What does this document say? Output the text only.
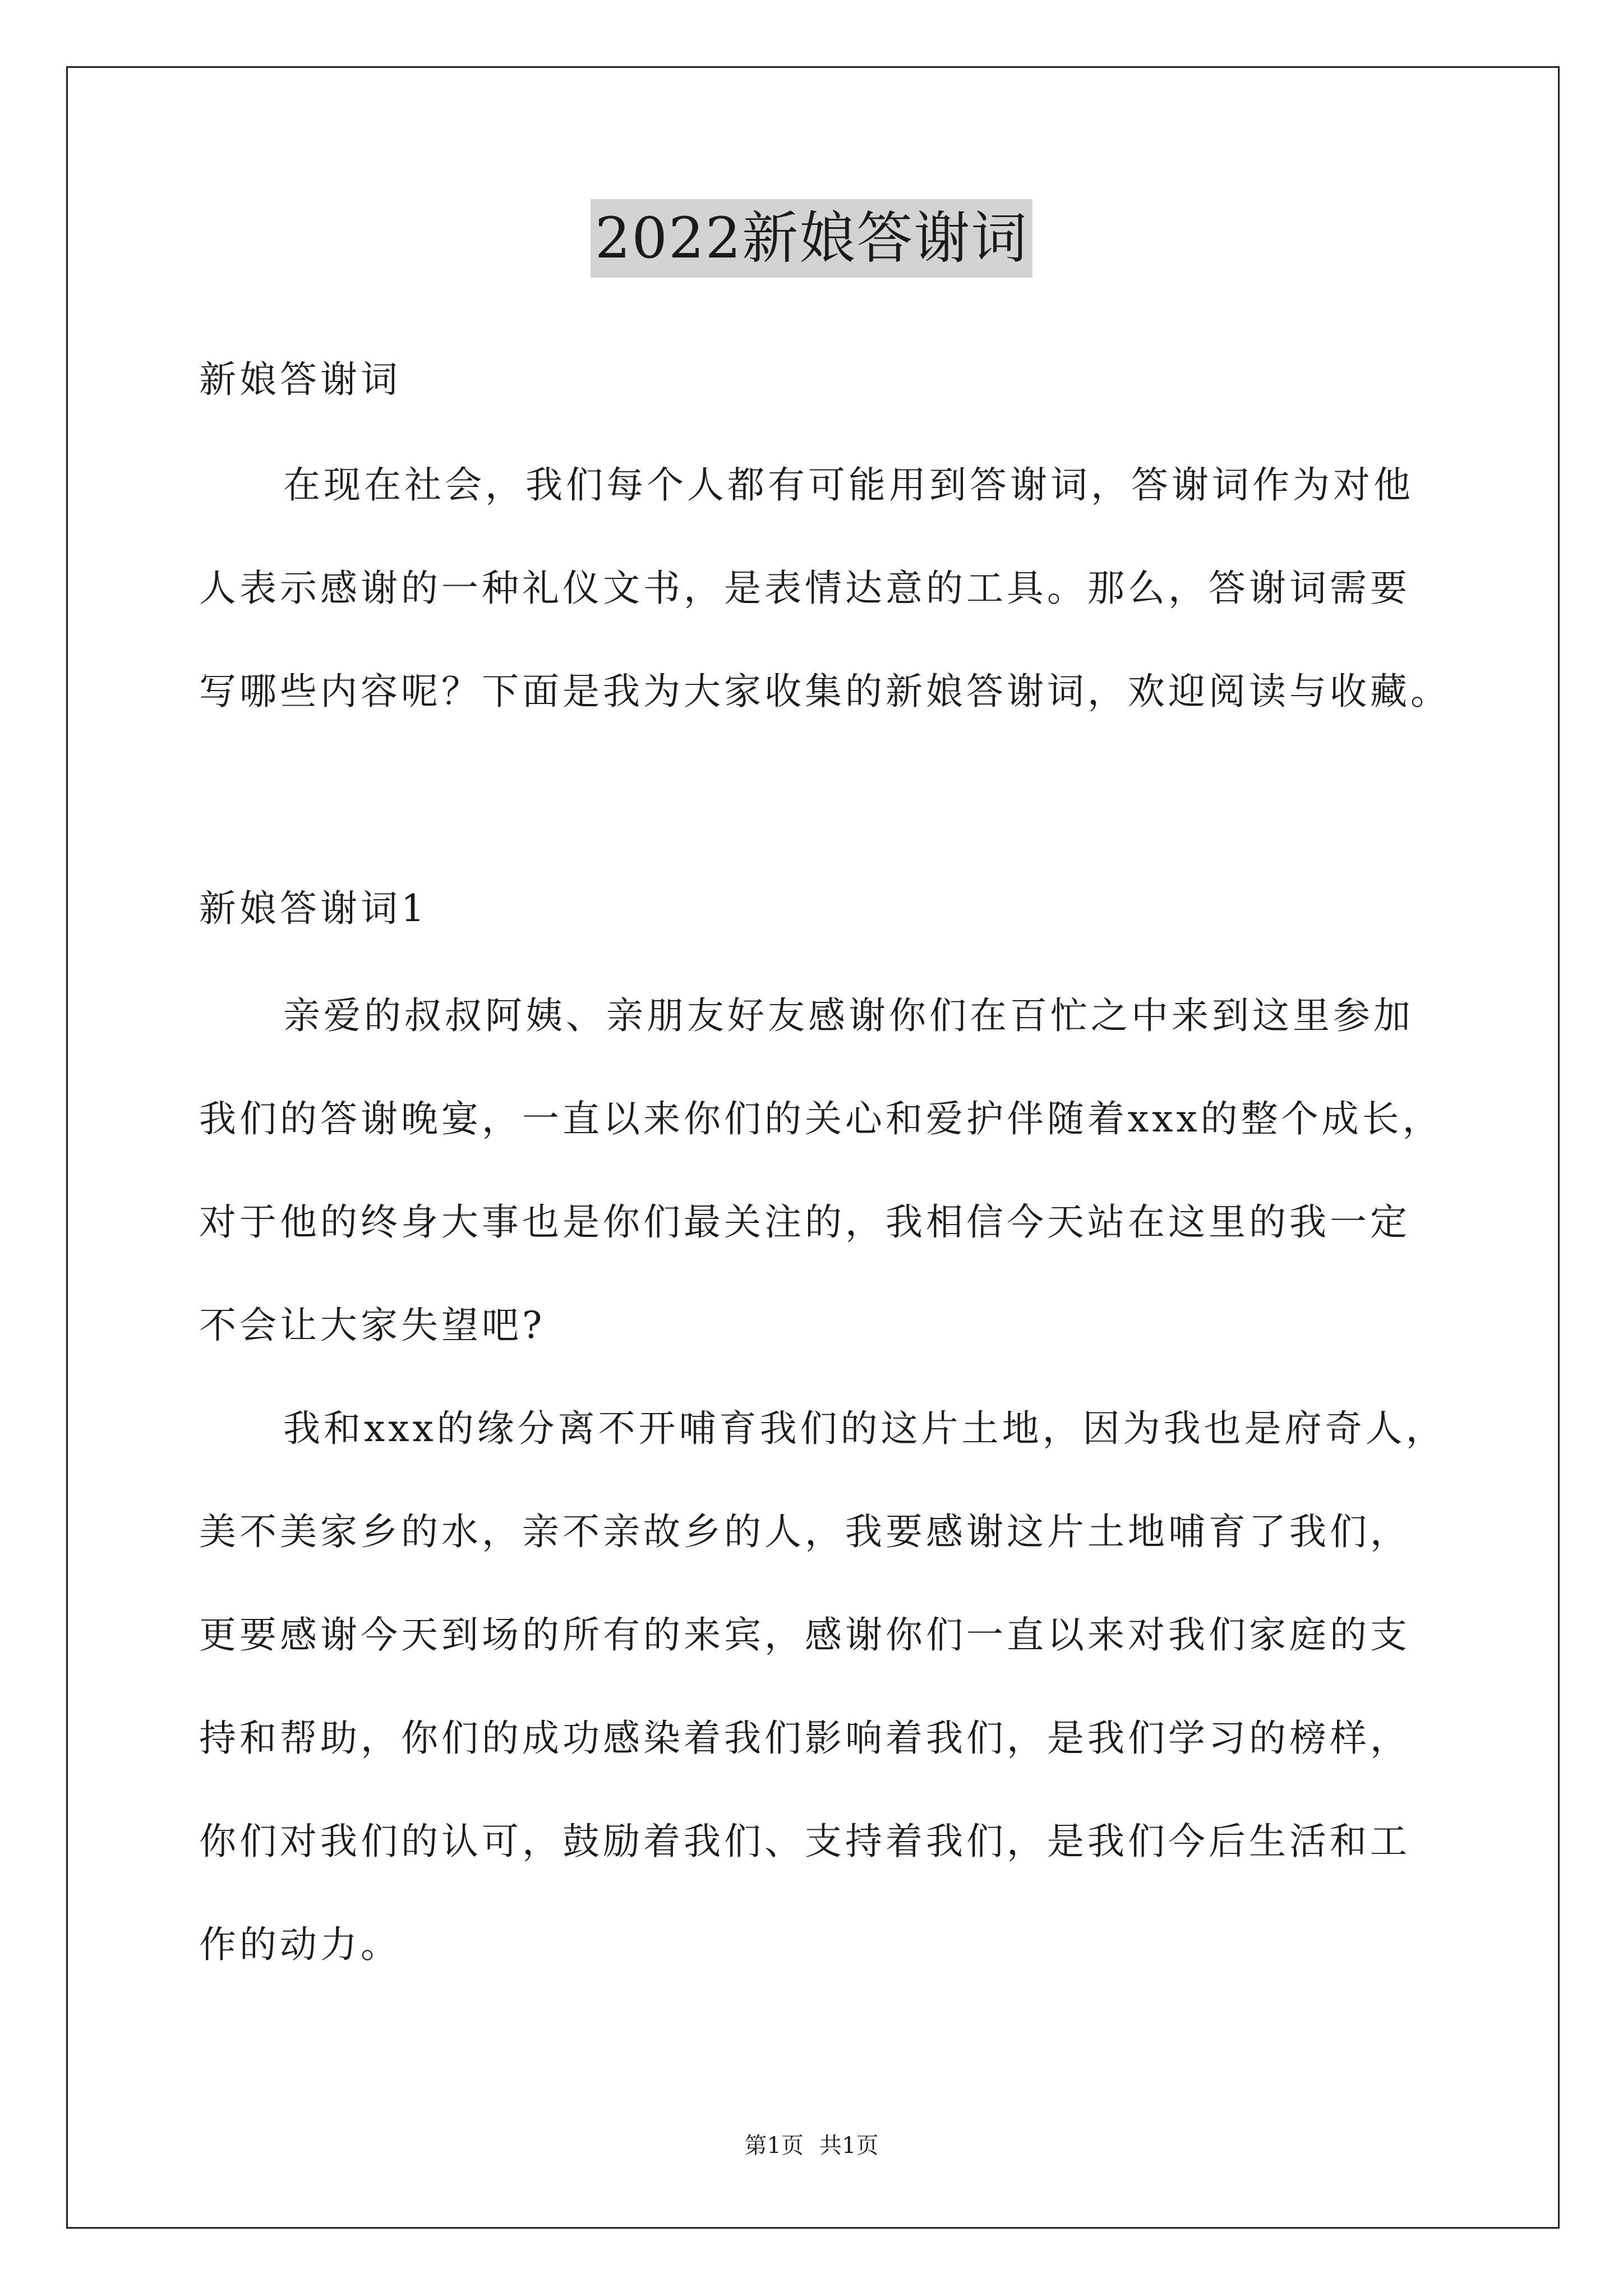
2022新娘答谢词
新娘答谢词
在现在社会，我们每个人都有可能用到答谢词，答谢词作为对他
人表示感谢的一种礼仪文书，是表情达意的工具。那么，答谢词需要
写哪些内容呢？下面是我为大家收集的新娘答谢词，欢迎阅读与收藏。
新娘答谢词1
亲爱的叔叔阿姨、亲朋友好友感谢你们在百忙之中来到这里参加
我们的答谢晚宴，一直以来你们的关心和爱护伴随着xxx的整个成长，
对于他的终身大事也是你们最关注的，我相信今天站在这里的我一定
不会让大家失望吧?
我和xxx的缘分离不开哺育我们的这片土地，因为我也是府奇人，
美不美家乡的水，亲不亲故乡的人，我要感谢这片土地哺育了我们，
更要感谢今天到场的所有的来宾，感谢你们一直以来对我们家庭的支
持和帮助，你们的成功感染着我们影响着我们，是我们学习的榜样，
你们对我们的认可，鼓励着我们、支持着我们，是我们今后生活和工
作的动力。
第1页 共1页
